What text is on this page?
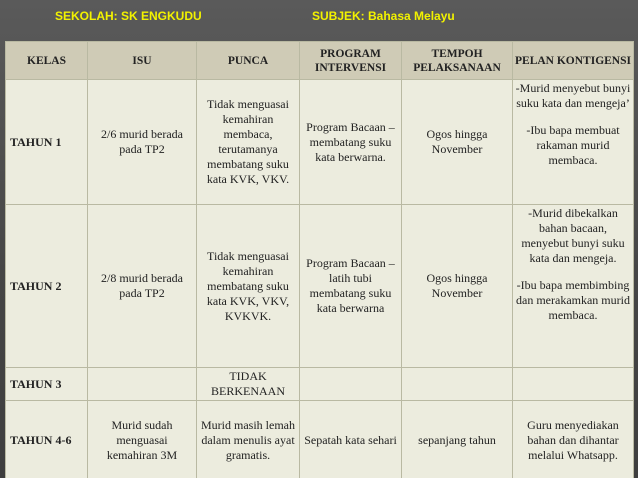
SEKOLAH: SK ENGKUDU	SUBJEK: Bahasa Melayu
KELAS	ISU	PUNCA	PROGRAM INTERVENSI	TEMPOH PELAKSANAAN	PELAN KONTIGENSI
TAHUN 1	2/6 murid berada pada TP2	Tidak menguasai kemahiran membaca, terutamanya membatang suku kata KVK, VKV.	Program Bacaan – membatang suku kata berwarna.	Ogos hingga November	-Murid menyebut bunyi suku kata dan mengeja’
-Ibu bapa membuat rakaman murid membaca.

TAHUN 2	2/8 murid berada pada TP2	Tidak menguasai kemahiran membatang suku kata KVK, VKV, KVKVK.	Program Bacaan – latih tubi membatang suku kata berwarna	Ogos hingga November	-Murid dibekalkan bahan bacaan, menyebut bunyi suku kata dan mengeja.
-Ibu bapa membimbing dan merakamkan murid membaca.

TAHUN 3		TIDAK BERKENAAN			
TAHUN 4-6	Murid sudah menguasai kemahiran 3M	Murid masih lemah dalam menulis ayat gramatis.	Sepatah kata sehari	sepanjang tahun	Guru menyediakan bahan dan dihantar melalui Whatsapp.
